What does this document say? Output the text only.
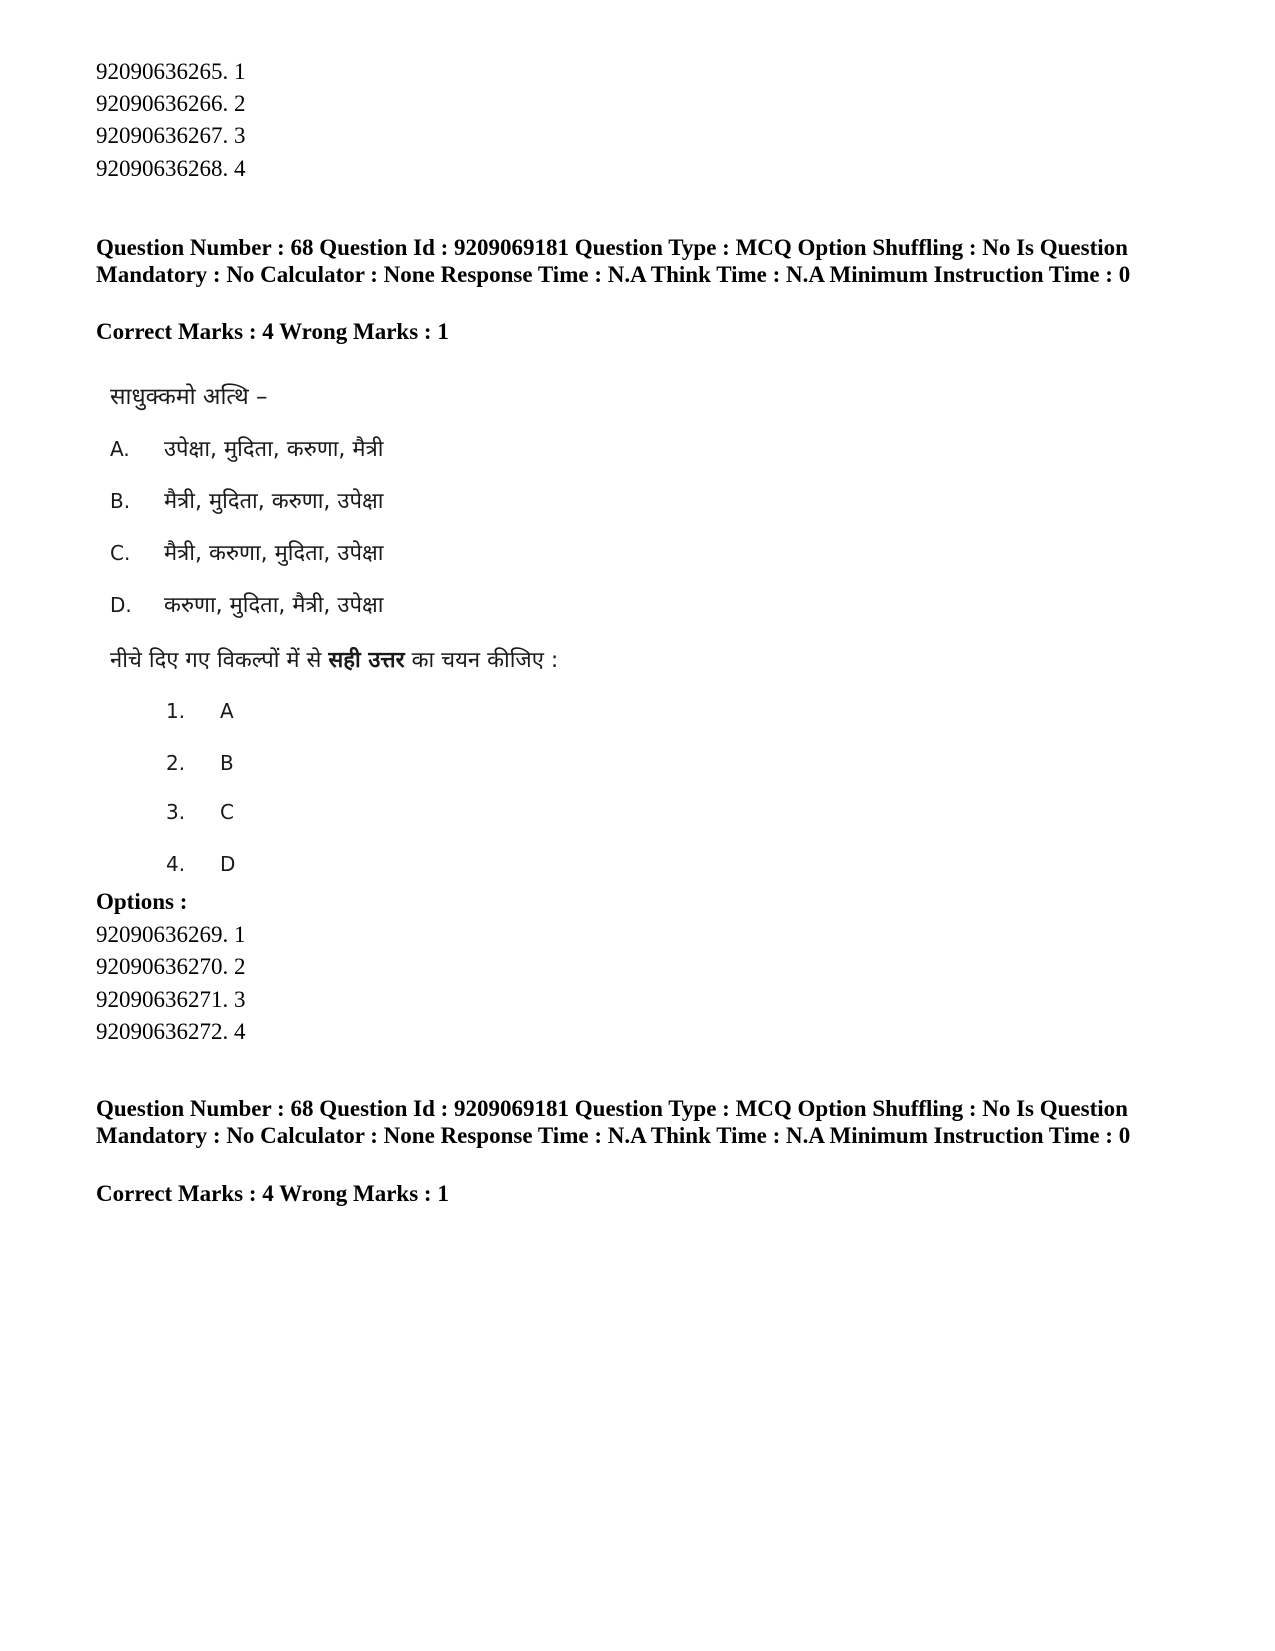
92090636265. 1
92090636266. 2
92090636267. 3
92090636268. 4
Question Number : 68 Question Id : 9209069181 Question Type : MCQ Option Shuffling : No Is Question Mandatory : No Calculator : None Response Time : N.A Think Time : N.A Minimum Instruction Time : 0
Correct Marks : 4 Wrong Marks : 1
साधुक्कमो अत्थि –
A. उपेक्षा, मुदिता, करुणा, मैत्री
B. मैत्री, मुदिता, करुणा, उपेक्षा
C. मैत्री, करुणा, मुदिता, उपेक्षा
D. करुणा, मुदिता, मैत्री, उपेक्षा
नीचे दिए गए विकल्पों में से सही उत्तर का चयन कीजिए :
1. A
2. B
3. C
4. D
Options :
92090636269. 1
92090636270. 2
92090636271. 3
92090636272. 4
Question Number : 68 Question Id : 9209069181 Question Type : MCQ Option Shuffling : No Is Question Mandatory : No Calculator : None Response Time : N.A Think Time : N.A Minimum Instruction Time : 0
Correct Marks : 4 Wrong Marks : 1
